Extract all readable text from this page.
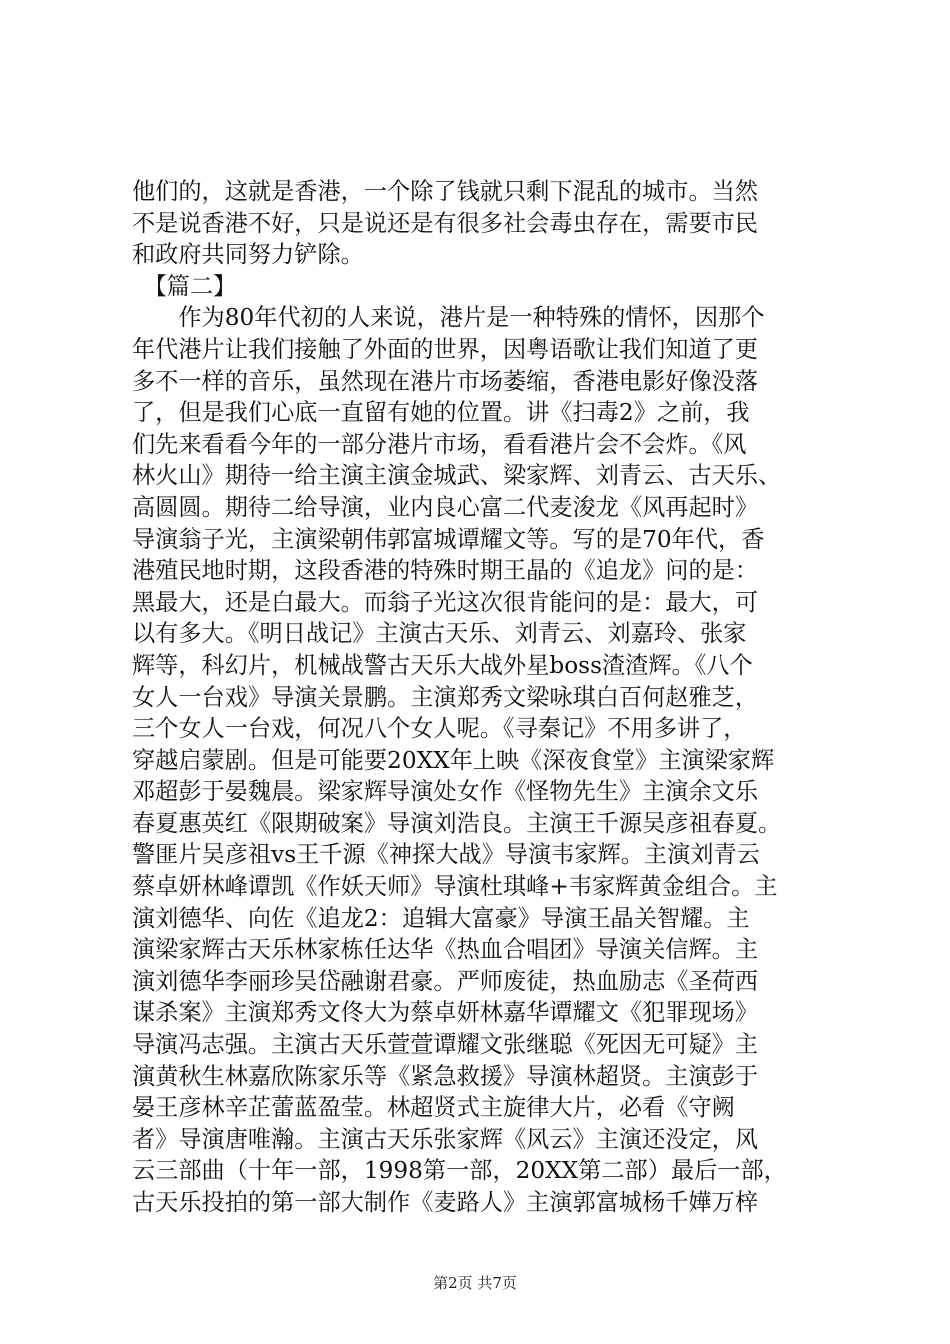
他们的，这就是香港，一个除了钱就只剩下混乱的城市。当然
不是说香港不好，只是说还是有很多社会毒虫存在，需要市民
和政府共同努力铲除。
　【篇二】
　　作为80年代初的人来说，港片是一种特殊的情怀，因那个
年代港片让我们接触了外面的世界，因粤语歌让我们知道了更
多不一样的音乐，虽然现在港片市场萎缩，香港电影好像没落
了，但是我们心底一直留有她的位置。讲《扫毒2》之前，我
们先来看看今年的一部分港片市场，看看港片会不会炸。《风
林火山》期待一给主演主演金城武、梁家辉、刘青云、古天乐、
高圆圆。期待二给导演，业内良心富二代麦浚龙《风再起时》
导演翁子光，主演梁朝伟郭富城谭耀文等。写的是70年代，香
港殖民地时期，这段香港的特殊时期王晶的《追龙》问的是：
黑最大，还是白最大。而翁子光这次很肯能问的是：最大，可
以有多大。《明日战记》主演古天乐、刘青云、刘嘉玲、张家
辉等，科幻片，机械战警古天乐大战外星boss渣渣辉。《八个
女人一台戏》导演关景鹏。主演郑秀文梁咏琪白百何赵雅芝，
三个女人一台戏，何况八个女人呢。《寻秦记》不用多讲了，
穿越启蒙剧。但是可能要20XX年上映《深夜食堂》主演梁家辉
邓超彭于晏魏晨。梁家辉导演处女作《怪物先生》主演余文乐
春夏惠英红《限期破案》导演刘浩良。主演王千源吴彦祖春夏。
警匪片吴彦祖vs王千源《神探大战》导演韦家辉。主演刘青云
蔡卓妍林峰谭凯《作妖天师》导演杜琪峰+韦家辉黄金组合。主
演刘德华、向佐《追龙2：追辑大富豪》导演王晶关智耀。主
演梁家辉古天乐林家栋任达华《热血合唱团》导演关信辉。主
演刘德华李丽珍吴岱融谢君豪。严师废徒，热血励志《圣荷西
谋杀案》主演郑秀文佟大为蔡卓妍林嘉华谭耀文《犯罪现场》
导演冯志强。主演古天乐萱萱谭耀文张继聪《死因无可疑》主
演黄秋生林嘉欣陈家乐等《紧急救援》导演林超贤。主演彭于
晏王彦林辛芷蕾蓝盈莹。林超贤式主旋律大片，必看《守阙
者》导演唐唯瀚。主演古天乐张家辉《风云》主演还没定，风
云三部曲（十年一部，1998第一部，20XX第二部）最后一部，
古天乐投拍的第一部大制作《麦路人》主演郭富城杨千嬅万梓
第2页 共7页
